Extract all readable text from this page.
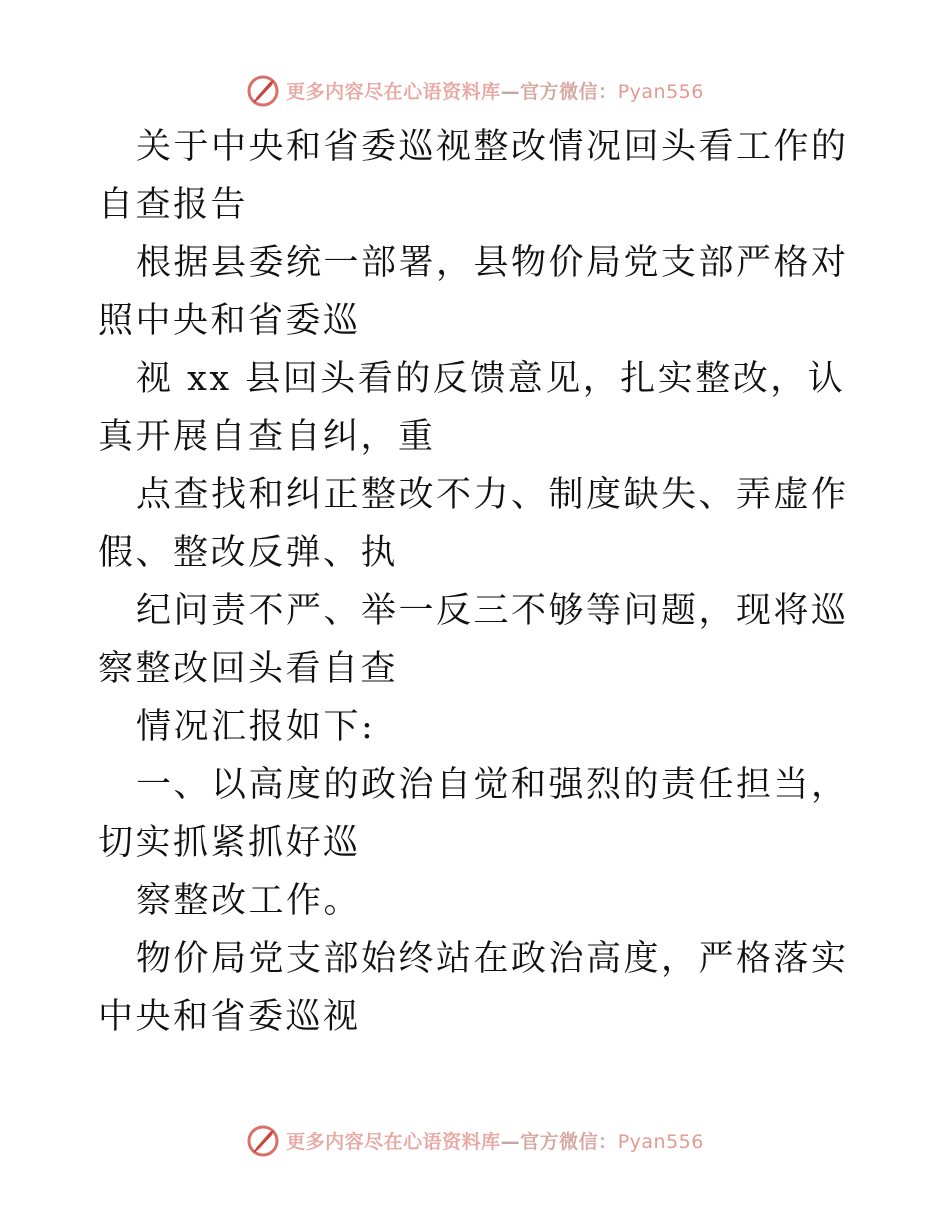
更多内容尽在心语资料库—官方微信：Pyan556

关于中央和省委巡视整改情况回头看工作的自查报告

根据县委统一部署，县物价局党支部严格对照中央和省委巡

视 xx 县回头看的反馈意见，扎实整改，认真开展自查自纠，重

点查找和纠正整改不力、制度缺失、弄虚作假、整改反弹、执

纪问责不严、举一反三不够等问题，现将巡察整改回头看自查

情况汇报如下:

一、以高度的政治自觉和强烈的责任担当，切实抓紧抓好巡

察整改工作。

物价局党支部始终站在政治高度，严格落实中央和省委巡视

更多内容尽在心语资料库—官方微信：Pyan556
